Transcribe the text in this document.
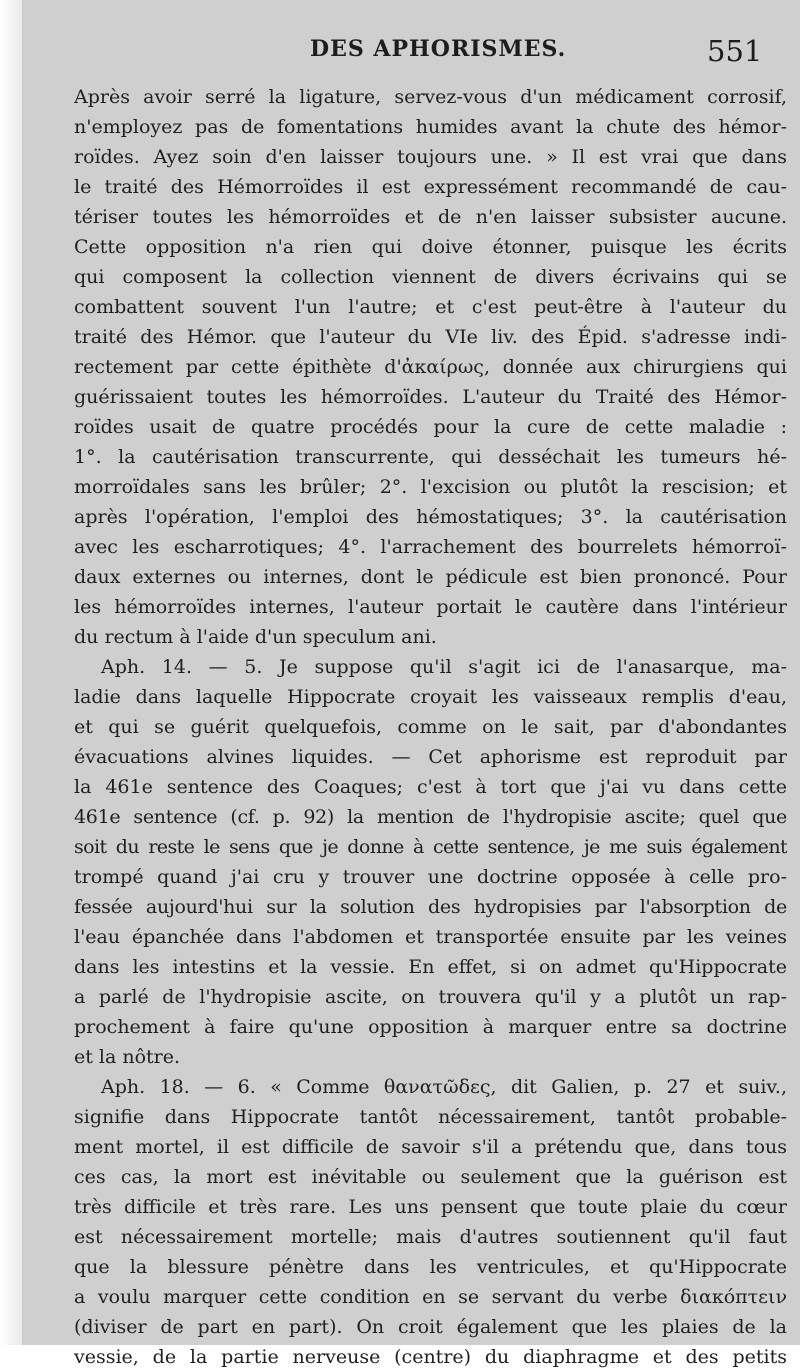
DES APHORISMES.	551
Après avoir serré la ligature, servez-vous d'un médicament corrosif,
n'employez pas de fomentations humides avant la chute des hémor-
roïdes. Ayez soin d'en laisser toujours une. » Il est vrai que dans
le traité des Hémorroïdes il est expressément recommandé de cau-
tériser toutes les hémorroïdes et de n'en laisser subsister aucune.
Cette opposition n'a rien qui doive étonner, puisque les écrits
qui composent la collection viennent de divers écrivains qui se
combattent souvent l'un l'autre; et c'est peut-être à l'auteur du
traité des Hémor. que l'auteur du VIe liv. des Épid. s'adresse indi-
rectement par cette épithète d'ἀκαίρως, donnée aux chirurgiens qui
guérissaient toutes les hémorroïdes. L'auteur du Traité des Hémor-
roïdes usait de quatre procédés pour la cure de cette maladie :
1°. la cautérisation transcurrente, qui desséchait les tumeurs hé-
morroïdales sans les brûler; 2°. l'excision ou plutôt la rescision; et
après l'opération, l'emploi des hémostatiques; 3°. la cautérisation
avec les escharrotiques; 4°. l'arrachement des bourrelets hémorroï-
daux externes ou internes, dont le pédicule est bien prononcé. Pour
les hémorroïdes internes, l'auteur portait le cautère dans l'intérieur
du rectum à l'aide d'un speculum ani.
Aph. 14. — 5. Je suppose qu'il s'agit ici de l'anasarque, ma-
ladie dans laquelle Hippocrate croyait les vaisseaux remplis d'eau,
et qui se guérit quelquefois, comme on le sait, par d'abondantes
évacuations alvines liquides. — Cet aphorisme est reproduit par
la 461e sentence des Coaques; c'est à tort que j'ai vu dans cette
461e sentence (cf. p. 92) la mention de l'hydropisie ascite; quel que
soit du reste le sens que je donne à cette sentence, je me suis également
trompé quand j'ai cru y trouver une doctrine opposée à celle pro-
fessée aujourd'hui sur la solution des hydropisies par l'absorption de
l'eau épanchée dans l'abdomen et transportée ensuite par les veines
dans les intestins et la vessie. En effet, si on admet qu'Hippocrate
a parlé de l'hydropisie ascite, on trouvera qu'il y a plutôt un rap-
prochement à faire qu'une opposition à marquer entre sa doctrine
et la nôtre.
Aph. 18. — 6. « Comme θανατῶδες, dit Galien, p. 27 et suiv.,
signifie dans Hippocrate tantôt nécessairement, tantôt probable-
ment mortel, il est difficile de savoir s'il a prétendu que, dans tous
ces cas, la mort est inévitable ou seulement que la guérison est
très difficile et très rare. Les uns pensent que toute plaie du cœur
est nécessairement mortelle; mais d'autres soutiennent qu'il faut
que la blessure pénètre dans les ventricules, et qu'Hippocrate
a voulu marquer cette condition en se servant du verbe διακόπτειν
(diviser de part en part). On croit également que les plaies de la
vessie, de la partie nerveuse (centre) du diaphragme et des petits
